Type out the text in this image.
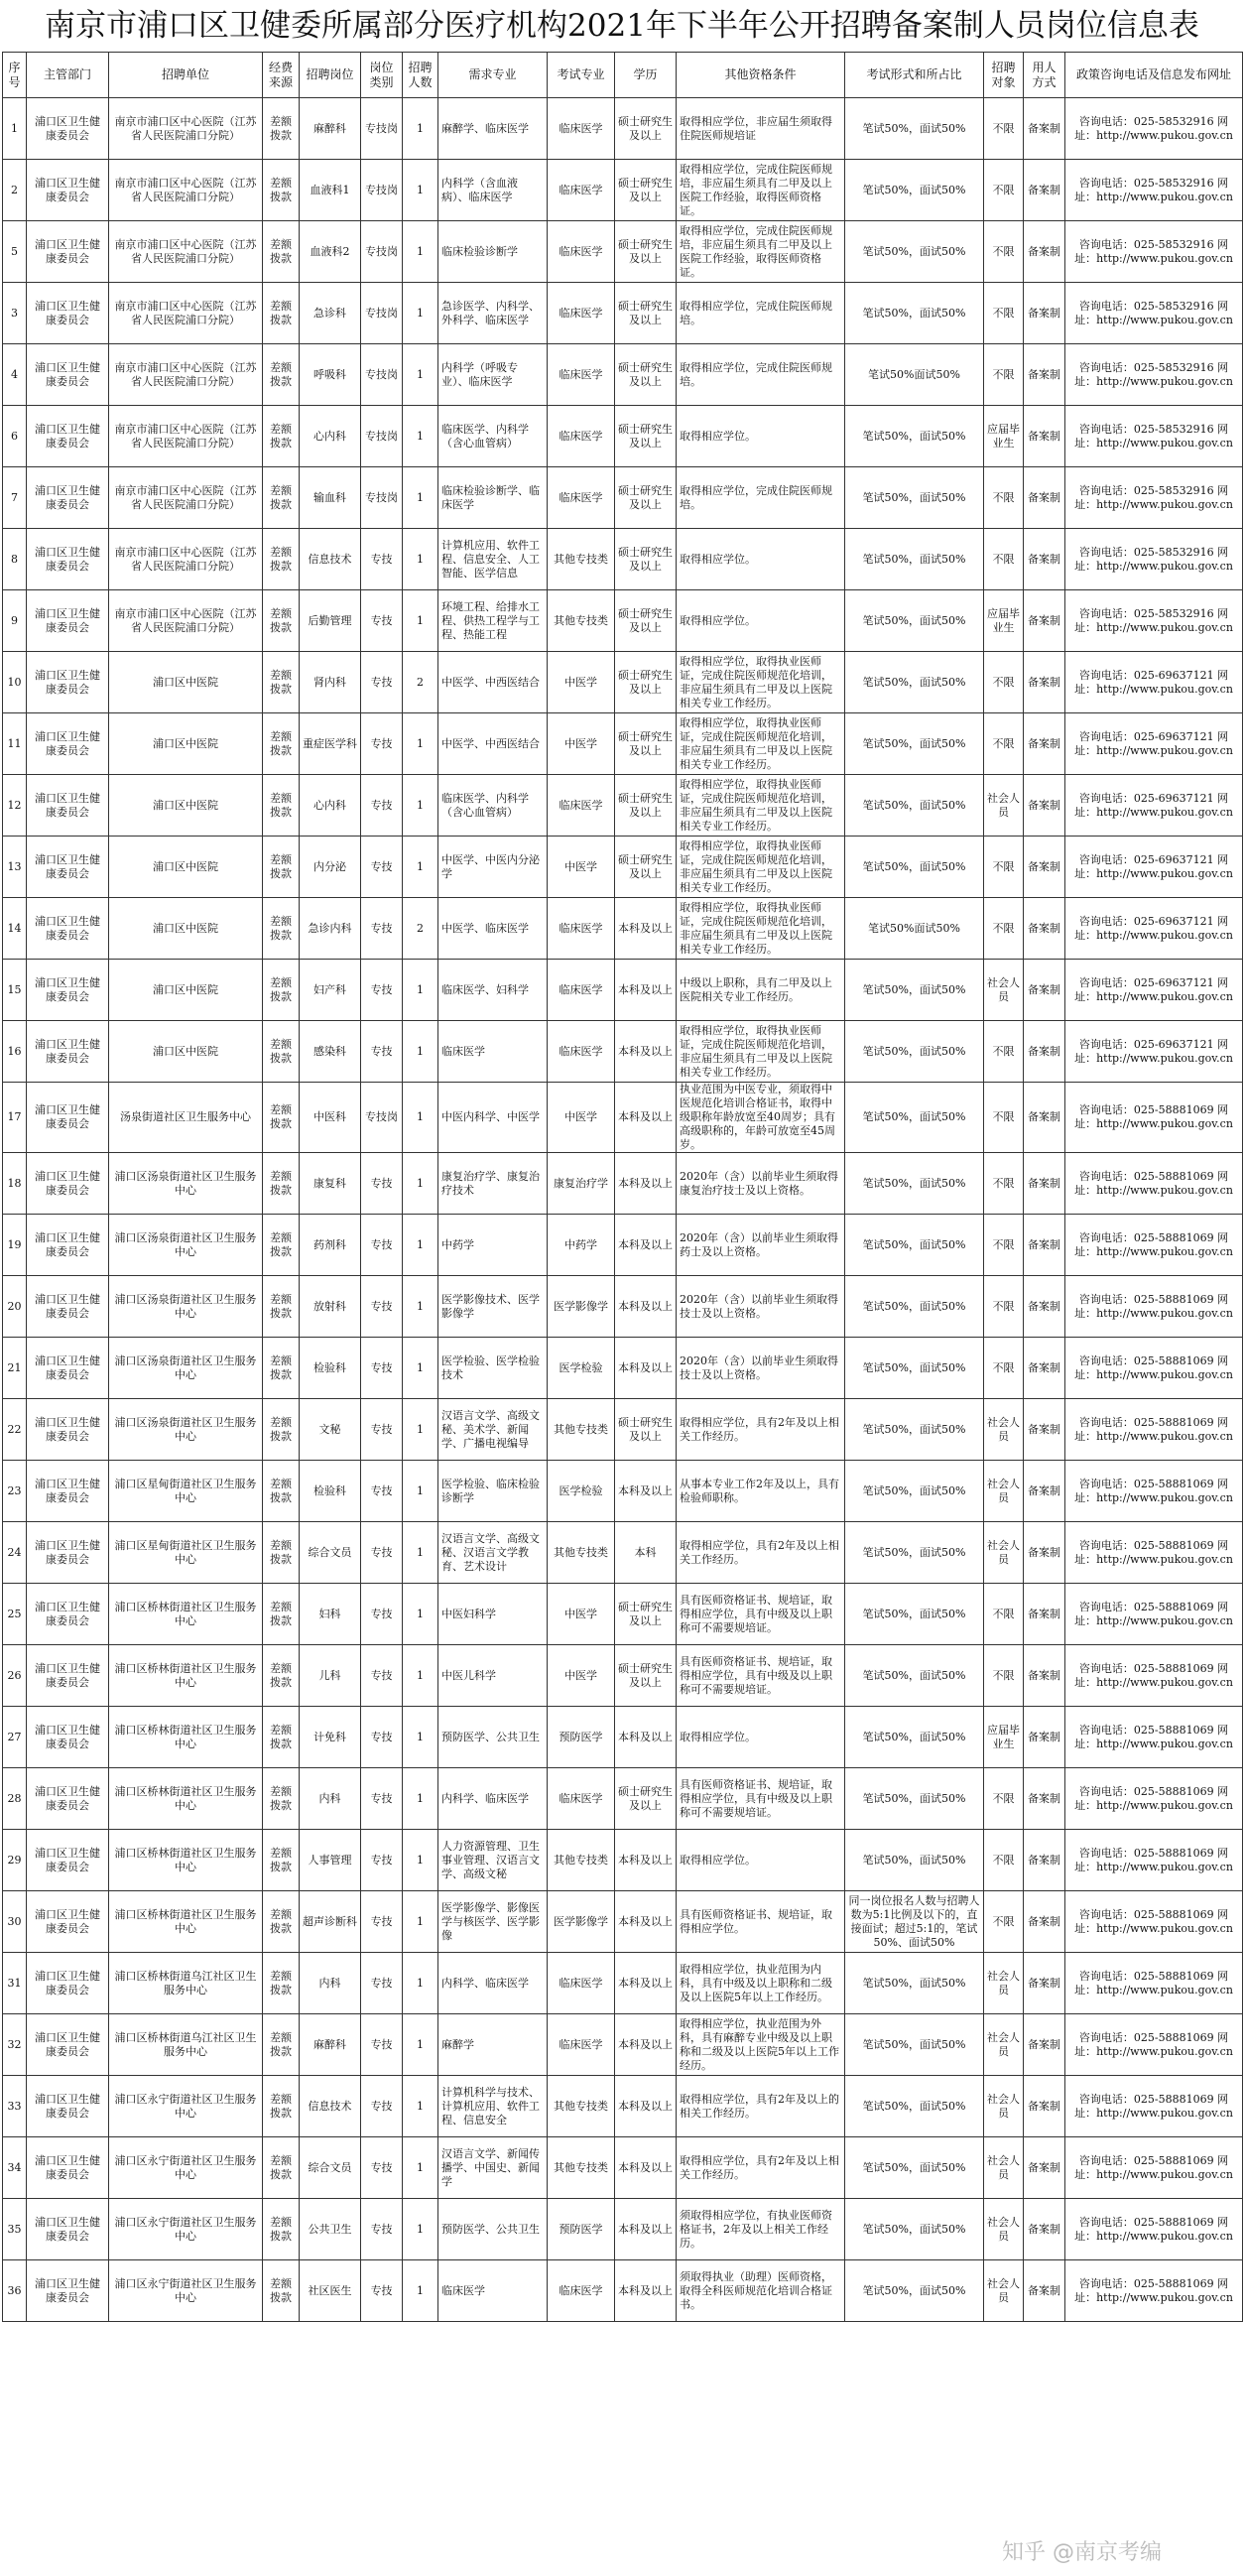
南京市浦口区卫健委所属部分医疗机构2021年下半年公开招聘备案制人员岗位信息表
序号	主管部门	招聘单位	经费来源	招聘岗位	岗位类别	招聘人数	需求专业	考试专业	学历	其他资格条件	考试形式和所占比	招聘对象	用人方式	政策咨询电话及信息发布网址
1	浦口区卫生健康委员会	南京市浦口区中心医院（江苏省人民医院浦口分院）	差额拨款	麻醉科	专技岗	1	麻醉学、临床医学	临床医学	硕士研究生及以上	取得相应学位，非应届生须取得住院医师规培证	笔试50%，面试50%	不限	备案制	咨询电话：025-58532916 网址：http://www.pukou.gov.cn
2	浦口区卫生健康委员会	南京市浦口区中心医院（江苏省人民医院浦口分院）	差额拨款	血液科1	专技岗	1	内科学（含血液病）、临床医学	临床医学	硕士研究生及以上	取得相应学位，完成住院医师规培，非应届生须具有二甲及以上医院工作经验，取得医师资格证。	笔试50%，面试50%	不限	备案制	咨询电话：025-58532916 网址：http://www.pukou.gov.cn
5	浦口区卫生健康委员会	南京市浦口区中心医院（江苏省人民医院浦口分院）	差额拨款	血液科2	专技岗	1	临床检验诊断学	临床医学	硕士研究生及以上	取得相应学位，完成住院医师规培，非应届生须具有二甲及以上医院工作经验，取得医师资格证。	笔试50%，面试50%	不限	备案制	咨询电话：025-58532916 网址：http://www.pukou.gov.cn
3	浦口区卫生健康委员会	南京市浦口区中心医院（江苏省人民医院浦口分院）	差额拨款	急诊科	专技岗	1	急诊医学、内科学、外科学、临床医学	临床医学	硕士研究生及以上	取得相应学位，完成住院医师规培。	笔试50%，面试50%	不限	备案制	咨询电话：025-58532916 网址：http://www.pukou.gov.cn
4	浦口区卫生健康委员会	南京市浦口区中心医院（江苏省人民医院浦口分院）	差额拨款	呼吸科	专技岗	1	内科学（呼吸专业）、临床医学	临床医学	硕士研究生及以上	取得相应学位，完成住院医师规培。	笔试50%面试50%	不限	备案制	咨询电话：025-58532916 网址：http://www.pukou.gov.cn
6	浦口区卫生健康委员会	南京市浦口区中心医院（江苏省人民医院浦口分院）	差额拨款	心内科	专技岗	1	临床医学、内科学（含心血管病）	临床医学	硕士研究生及以上	取得相应学位。	笔试50%，面试50%	应届毕业生	备案制	咨询电话：025-58532916 网址：http://www.pukou.gov.cn
7	浦口区卫生健康委员会	南京市浦口区中心医院（江苏省人民医院浦口分院）	差额拨款	输血科	专技岗	1	临床检验诊断学、临床医学	临床医学	硕士研究生及以上	取得相应学位，完成住院医师规培。	笔试50%，面试50%	不限	备案制	咨询电话：025-58532916 网址：http://www.pukou.gov.cn
8	浦口区卫生健康委员会	南京市浦口区中心医院（江苏省人民医院浦口分院）	差额拨款	信息技术	专技	1	计算机应用、软件工程、信息安全、人工智能、医学信息	其他专技类	硕士研究生及以上	取得相应学位。	笔试50%，面试50%	不限	备案制	咨询电话：025-58532916 网址：http://www.pukou.gov.cn
9	浦口区卫生健康委员会	南京市浦口区中心医院（江苏省人民医院浦口分院）	差额拨款	后勤管理	专技	1	环境工程、给排水工程、供热工程学与工程、热能工程	其他专技类	硕士研究生及以上	取得相应学位。	笔试50%，面试50%	应届毕业生	备案制	咨询电话：025-58532916 网址：http://www.pukou.gov.cn
10	浦口区卫生健康委员会	浦口区中医院	差额拨款	肾内科	专技	2	中医学、中西医结合	中医学	硕士研究生及以上	取得相应学位，取得执业医师证，完成住院医师规范化培训，非应届生须具有二甲及以上医院相关专业工作经历。	笔试50%，面试50%	不限	备案制	咨询电话：025-69637121 网址：http://www.pukou.gov.cn
11	浦口区卫生健康委员会	浦口区中医院	差额拨款	重症医学科	专技	1	中医学、中西医结合	中医学	硕士研究生及以上	取得相应学位，取得执业医师证，完成住院医师规范化培训，非应届生须具有二甲及以上医院相关专业工作经历。	笔试50%，面试50%	不限	备案制	咨询电话：025-69637121 网址：http://www.pukou.gov.cn
12	浦口区卫生健康委员会	浦口区中医院	差额拨款	心内科	专技	1	临床医学、内科学（含心血管病）	临床医学	硕士研究生及以上	取得相应学位，取得执业医师证，完成住院医师规范化培训，非应届生须具有二甲及以上医院相关专业工作经历。	笔试50%，面试50%	社会人员	备案制	咨询电话：025-69637121 网址：http://www.pukou.gov.cn
13	浦口区卫生健康委员会	浦口区中医院	差额拨款	内分泌	专技	1	中医学、中医内分泌学	中医学	硕士研究生及以上	取得相应学位，取得执业医师证，完成住院医师规范化培训，非应届生须具有二甲及以上医院相关专业工作经历。	笔试50%，面试50%	不限	备案制	咨询电话：025-69637121 网址：http://www.pukou.gov.cn
14	浦口区卫生健康委员会	浦口区中医院	差额拨款	急诊内科	专技	2	中医学、临床医学	临床医学	本科及以上	取得相应学位，取得执业医师证，完成住院医师规范化培训，非应届生须具有二甲及以上医院相关专业工作经历。	笔试50%面试50%	不限	备案制	咨询电话：025-69637121 网址：http://www.pukou.gov.cn
15	浦口区卫生健康委员会	浦口区中医院	差额拨款	妇产科	专技	1	临床医学、妇科学	临床医学	本科及以上	中级以上职称，具有二甲及以上医院相关专业工作经历。	笔试50%，面试50%	社会人员	备案制	咨询电话：025-69637121 网址：http://www.pukou.gov.cn
16	浦口区卫生健康委员会	浦口区中医院	差额拨款	感染科	专技	1	临床医学	临床医学	本科及以上	取得相应学位，取得执业医师证，完成住院医师规范化培训，非应届生须具有二甲及以上医院相关专业工作经历。	笔试50%，面试50%	不限	备案制	咨询电话：025-69637121 网址：http://www.pukou.gov.cn
17	浦口区卫生健康委员会	汤泉街道社区卫生服务中心	差额拨款	中医科	专技岗	1	中医内科学、中医学	中医学	本科及以上	执业范围为中医专业，须取得中医规范化培训合格证书，取得中级职称年龄放宽至40周岁；具有高级职称的，年龄可放宽至45周岁。	笔试50%，面试50%	不限	备案制	咨询电话：025-58881069 网址：http://www.pukou.gov.cn
18	浦口区卫生健康委员会	浦口区汤泉街道社区卫生服务中心	差额拨款	康复科	专技	1	康复治疗学、康复治疗技术	康复治疗学	本科及以上	2020年（含）以前毕业生须取得康复治疗技士及以上资格。	笔试50%，面试50%	不限	备案制	咨询电话：025-58881069 网址：http://www.pukou.gov.cn
19	浦口区卫生健康委员会	浦口区汤泉街道社区卫生服务中心	差额拨款	药剂科	专技	1	中药学	中药学	本科及以上	2020年（含）以前毕业生须取得药士及以上资格。	笔试50%，面试50%	不限	备案制	咨询电话：025-58881069 网址：http://www.pukou.gov.cn
20	浦口区卫生健康委员会	浦口区汤泉街道社区卫生服务中心	差额拨款	放射科	专技	1	医学影像技术、医学影像学	医学影像学	本科及以上	2020年（含）以前毕业生须取得技士及以上资格。	笔试50%，面试50%	不限	备案制	咨询电话：025-58881069 网址：http://www.pukou.gov.cn
21	浦口区卫生健康委员会	浦口区汤泉街道社区卫生服务中心	差额拨款	检验科	专技	1	医学检验、医学检验技术	医学检验	本科及以上	2020年（含）以前毕业生须取得技士及以上资格。	笔试50%，面试50%	不限	备案制	咨询电话：025-58881069 网址：http://www.pukou.gov.cn
22	浦口区卫生健康委员会	浦口区汤泉街道社区卫生服务中心	差额拨款	文秘	专技	1	汉语言文学、高级文秘、美术学、新闻学、广播电视编导	其他专技类	硕士研究生及以上	取得相应学位，具有2年及以上相关工作经历。	笔试50%，面试50%	社会人员	备案制	咨询电话：025-58881069 网址：http://www.pukou.gov.cn
23	浦口区卫生健康委员会	浦口区星甸街道社区卫生服务中心	差额拨款	检验科	专技	1	医学检验、临床检验诊断学	医学检验	本科及以上	从事本专业工作2年及以上，具有检验师职称。	笔试50%，面试50%	社会人员	备案制	咨询电话：025-58881069 网址：http://www.pukou.gov.cn
24	浦口区卫生健康委员会	浦口区星甸街道社区卫生服务中心	差额拨款	综合文员	专技	1	汉语言文学、高级文秘、汉语言文学教育、艺术设计	其他专技类	本科	取得相应学位，具有2年及以上相关工作经历。	笔试50%，面试50%	社会人员	备案制	咨询电话：025-58881069 网址：http://www.pukou.gov.cn
25	浦口区卫生健康委员会	浦口区桥林街道社区卫生服务中心	差额拨款	妇科	专技	1	中医妇科学	中医学	硕士研究生及以上	具有医师资格证书、规培证，取得相应学位，具有中级及以上职称可不需要规培证。	笔试50%，面试50%	不限	备案制	咨询电话：025-58881069 网址：http://www.pukou.gov.cn
26	浦口区卫生健康委员会	浦口区桥林街道社区卫生服务中心	差额拨款	儿科	专技	1	中医儿科学	中医学	硕士研究生及以上	具有医师资格证书、规培证，取得相应学位，具有中级及以上职称可不需要规培证。	笔试50%，面试50%	不限	备案制	咨询电话：025-58881069 网址：http://www.pukou.gov.cn
27	浦口区卫生健康委员会	浦口区桥林街道社区卫生服务中心	差额拨款	计免科	专技	1	预防医学、公共卫生	预防医学	本科及以上	取得相应学位。	笔试50%，面试50%	应届毕业生	备案制	咨询电话：025-58881069 网址：http://www.pukou.gov.cn
28	浦口区卫生健康委员会	浦口区桥林街道社区卫生服务中心	差额拨款	内科	专技	1	内科学、临床医学	临床医学	硕士研究生及以上	具有医师资格证书、规培证，取得相应学位，具有中级及以上职称可不需要规培证。	笔试50%，面试50%	不限	备案制	咨询电话：025-58881069 网址：http://www.pukou.gov.cn
29	浦口区卫生健康委员会	浦口区桥林街道社区卫生服务中心	差额拨款	人事管理	专技	1	人力资源管理、卫生事业管理、汉语言文学、高级文秘	其他专技类	本科及以上	取得相应学位。	笔试50%，面试50%	不限	备案制	咨询电话：025-58881069 网址：http://www.pukou.gov.cn
30	浦口区卫生健康委员会	浦口区桥林街道社区卫生服务中心	差额拨款	超声诊断科	专技	1	医学影像学、影像医学与核医学、医学影像	医学影像学	本科及以上	具有医师资格证书、规培证，取得相应学位。	同一岗位报名人数与招聘人数为5:1比例及以下的，直接面试；超过5:1的，笔试50%、面试50%	不限	备案制	咨询电话：025-58881069 网址：http://www.pukou.gov.cn
31	浦口区卫生健康委员会	浦口区桥林街道乌江社区卫生服务中心	差额拨款	内科	专技	1	内科学、临床医学	临床医学	本科及以上	取得相应学位，执业范围为内科，具有中级及以上职称和二级及以上医院5年以上工作经历。	笔试50%，面试50%	社会人员	备案制	咨询电话：025-58881069 网址：http://www.pukou.gov.cn
32	浦口区卫生健康委员会	浦口区桥林街道乌江社区卫生服务中心	差额拨款	麻醉科	专技	1	麻醉学	临床医学	本科及以上	取得相应学位，执业范围为外科，具有麻醉专业中级及以上职称和二级及以上医院5年以上工作经历。	笔试50%，面试50%	社会人员	备案制	咨询电话：025-58881069 网址：http://www.pukou.gov.cn
33	浦口区卫生健康委员会	浦口区永宁街道社区卫生服务中心	差额拨款	信息技术	专技	1	计算机科学与技术、计算机应用、软件工程、信息安全	其他专技类	本科及以上	取得相应学位，具有2年及以上的相关工作经历。	笔试50%，面试50%	社会人员	备案制	咨询电话：025-58881069 网址：http://www.pukou.gov.cn
34	浦口区卫生健康委员会	浦口区永宁街道社区卫生服务中心	差额拨款	综合文员	专技	1	汉语言文学、新闻传播学、中国史、新闻学	其他专技类	本科及以上	取得相应学位，具有2年及以上相关工作经历。	笔试50%，面试50%	社会人员	备案制	咨询电话：025-58881069 网址：http://www.pukou.gov.cn
35	浦口区卫生健康委员会	浦口区永宁街道社区卫生服务中心	差额拨款	公共卫生	专技	1	预防医学、公共卫生	预防医学	本科及以上	须取得相应学位，有执业医师资格证书，2年及以上相关工作经历。	笔试50%，面试50%	社会人员	备案制	咨询电话：025-58881069 网址：http://www.pukou.gov.cn
36	浦口区卫生健康委员会	浦口区永宁街道社区卫生服务中心	差额拨款	社区医生	专技	1	临床医学	临床医学	本科及以上	须取得执业（助理）医师资格，取得全科医师规范化培训合格证书。	笔试50%，面试50%	社会人员	备案制	咨询电话：025-58881069 网址：http://www.pukou.gov.cn
知乎 @南京考编
